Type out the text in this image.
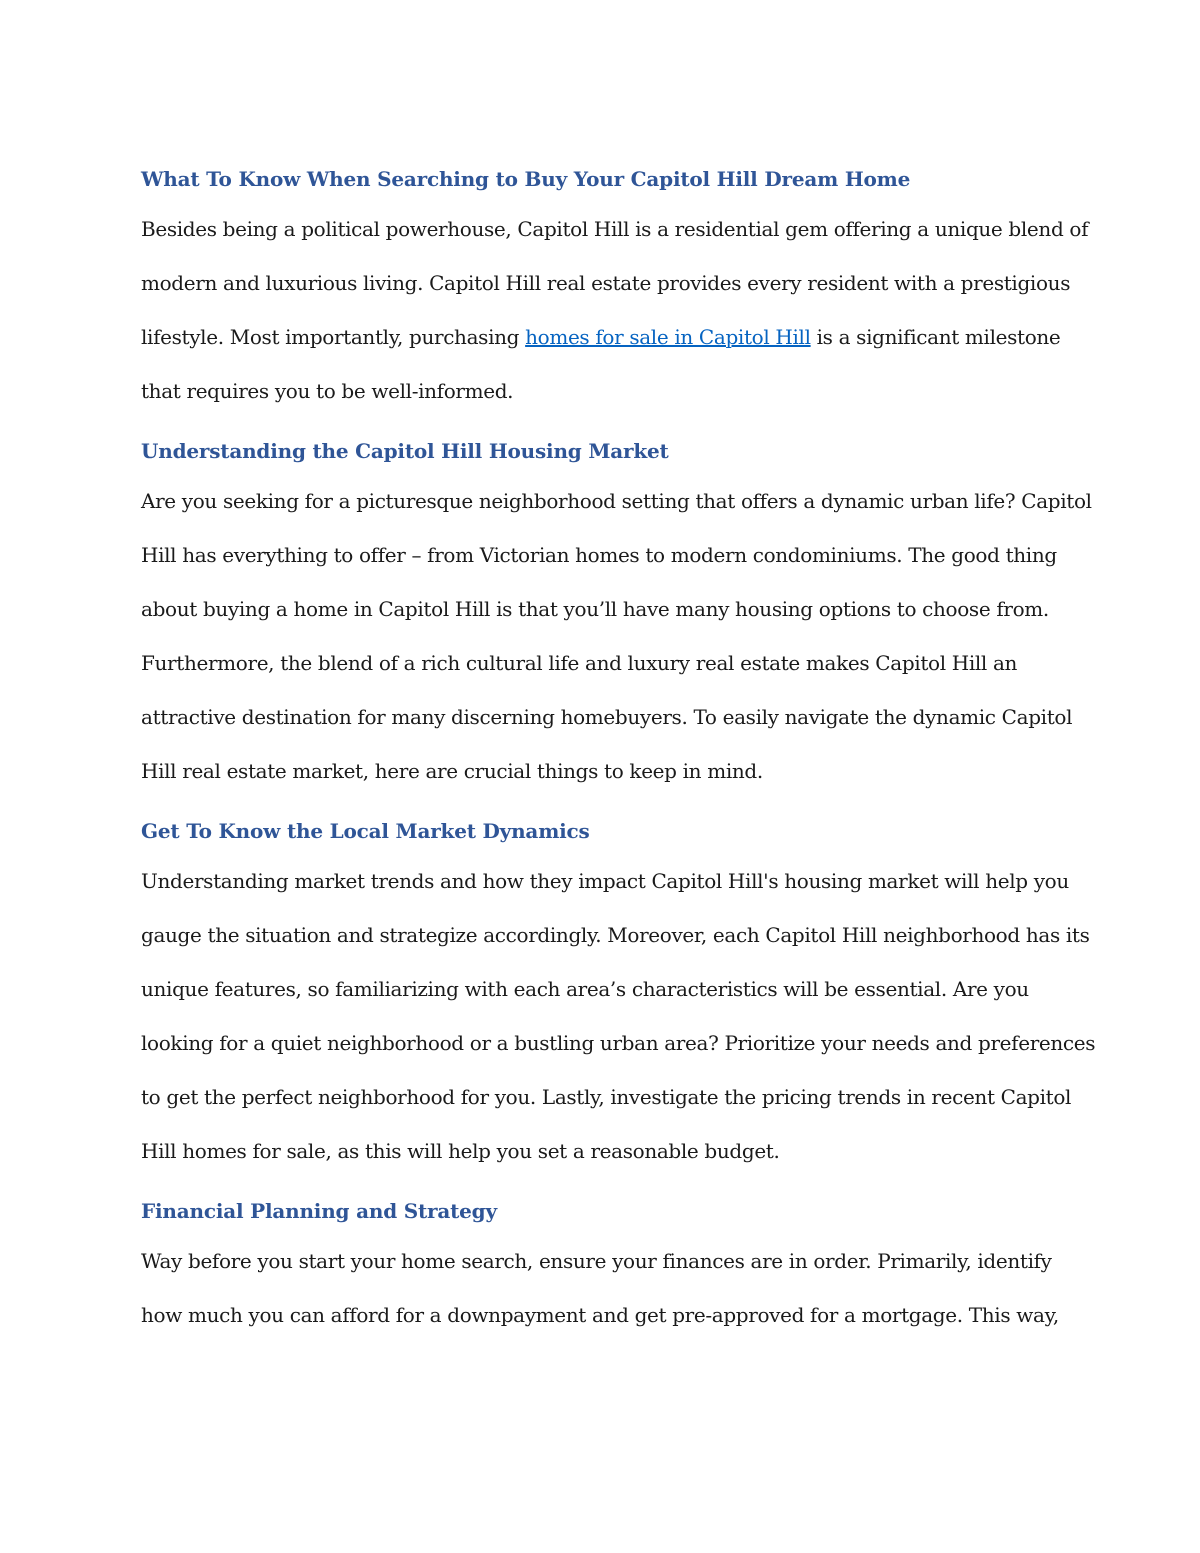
What To Know When Searching to Buy Your Capitol Hill Dream Home

Besides being a political powerhouse, Capitol Hill is a residential gem offering a unique blend of
modern and luxurious living. Capitol Hill real estate provides every resident with a prestigious
lifestyle. Most importantly, purchasing homes for sale in Capitol Hill is a significant milestone
that requires you to be well-informed.

Understanding the Capitol Hill Housing Market

Are you seeking for a picturesque neighborhood setting that offers a dynamic urban life? Capitol
Hill has everything to offer – from Victorian homes to modern condominiums. The good thing
about buying a home in Capitol Hill is that you’ll have many housing options to choose from.
Furthermore, the blend of a rich cultural life and luxury real estate makes Capitol Hill an
attractive destination for many discerning homebuyers. To easily navigate the dynamic Capitol
Hill real estate market, here are crucial things to keep in mind.

Get To Know the Local Market Dynamics

Understanding market trends and how they impact Capitol Hill's housing market will help you
gauge the situation and strategize accordingly. Moreover, each Capitol Hill neighborhood has its
unique features, so familiarizing with each area’s characteristics will be essential. Are you
looking for a quiet neighborhood or a bustling urban area? Prioritize your needs and preferences
to get the perfect neighborhood for you. Lastly, investigate the pricing trends in recent Capitol
Hill homes for sale, as this will help you set a reasonable budget.

Financial Planning and Strategy

Way before you start your home search, ensure your finances are in order. Primarily, identify
how much you can afford for a downpayment and get pre-approved for a mortgage. This way,
